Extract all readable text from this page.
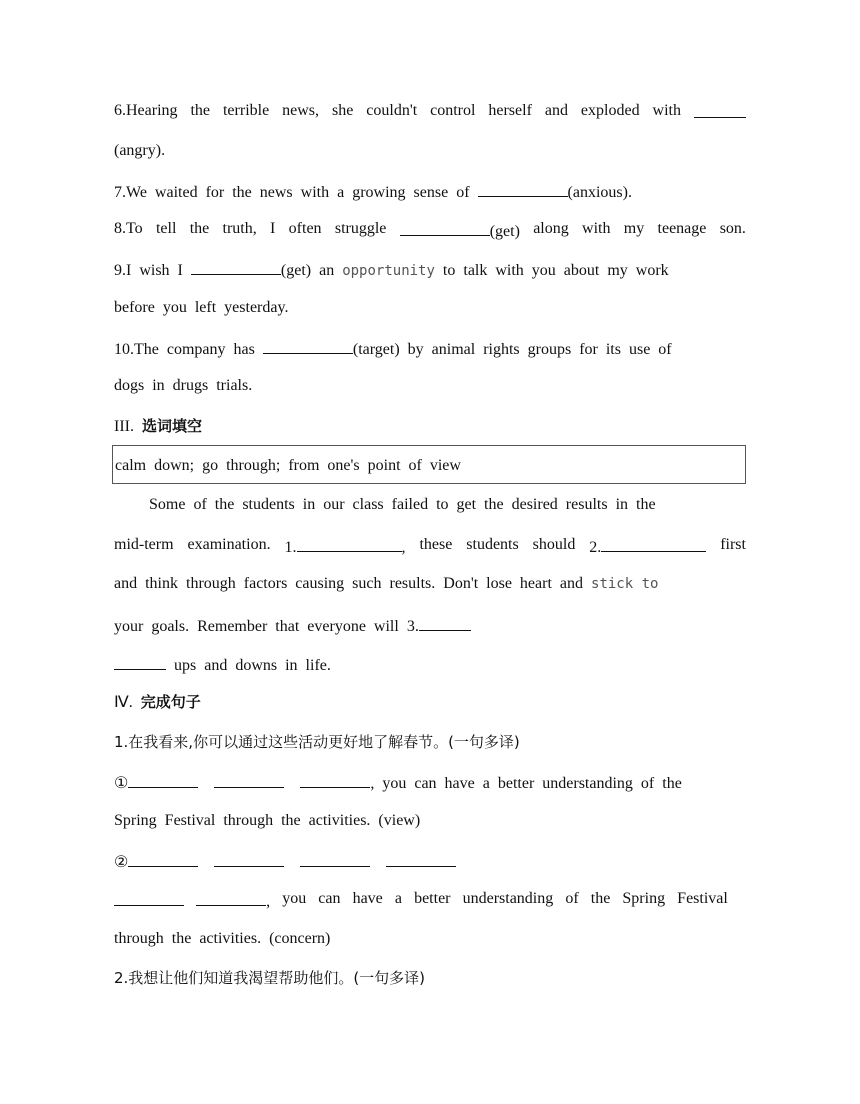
6.Hearing the terrible news, she couldn't control herself and exploded with
(angry).
7.We waited for the news with a growing sense of	(anxious).
8.To tell the truth, I often struggle	(get) along with my teenage son.
9.I wish I	(get) an opportunity to talk with you about my work
before you left yesterday.
10.The company has	(target) by animal rights groups for its use of
dogs in drugs trials.
III. 选词填空
calm down; go through; from one's point of view
Some of the students in our class failed to get the desired results in the
mid-term examination. 1.	, these students should 2.	first
and think through factors causing such results. Don't lose heart and stick to
your goals. Remember that everyone will 3.
ups and downs in life.
Ⅳ. 完成句子
1.在我看来,你可以通过这些活动更好地了解春节。(一句多译)
①	, you can have a better understanding of the
Spring Festival through the activities. (view)
②
, you can have a better understanding of the Spring Festival
through the activities. (concern)
2.我想让他们知道我渴望帮助他们。(一句多译)
